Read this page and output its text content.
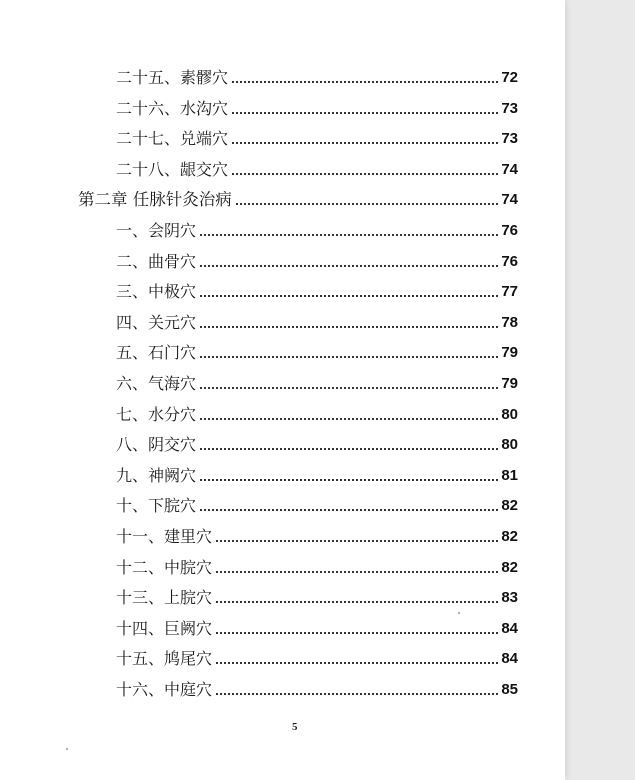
二十五、素髎穴	72
二十六、水沟穴	73
二十七、兑端穴	73
二十八、龈交穴	74
第二章 任脉针灸治病	74
一、会阴穴	76
二、曲骨穴	76
三、中极穴	77
四、关元穴	78
五、石门穴	79
六、气海穴	79
七、水分穴	80
八、阴交穴	80
九、神阙穴	81
十、下脘穴	82
十一、建里穴	82
十二、中脘穴	82
十三、上脘穴	83
十四、巨阙穴	84
十五、鸠尾穴	84
十六、中庭穴	85
5
